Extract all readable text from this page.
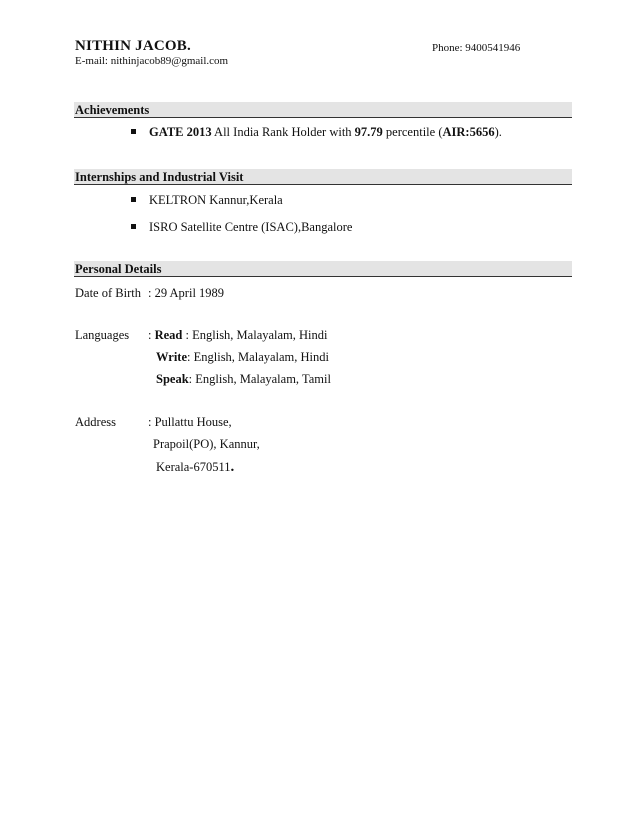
NITHIN JACOB.	Phone: 9400541946
E-mail: nithinjacob89@gmail.com
Achievements
GATE 2013 All India Rank Holder with 97.79 percentile (AIR:5656).
Internships and Industrial Visit
KELTRON Kannur,Kerala
ISRO Satellite Centre (ISAC),Bangalore
Personal Details
Date of Birth : 29 April 1989
Languages : Read : English, Malayalam, Hindi
Write: English, Malayalam, Hindi
Speak: English, Malayalam, Tamil
Address	: Pullattu House,
Prapoil(PO), Kannur,
Kerala-670511.
